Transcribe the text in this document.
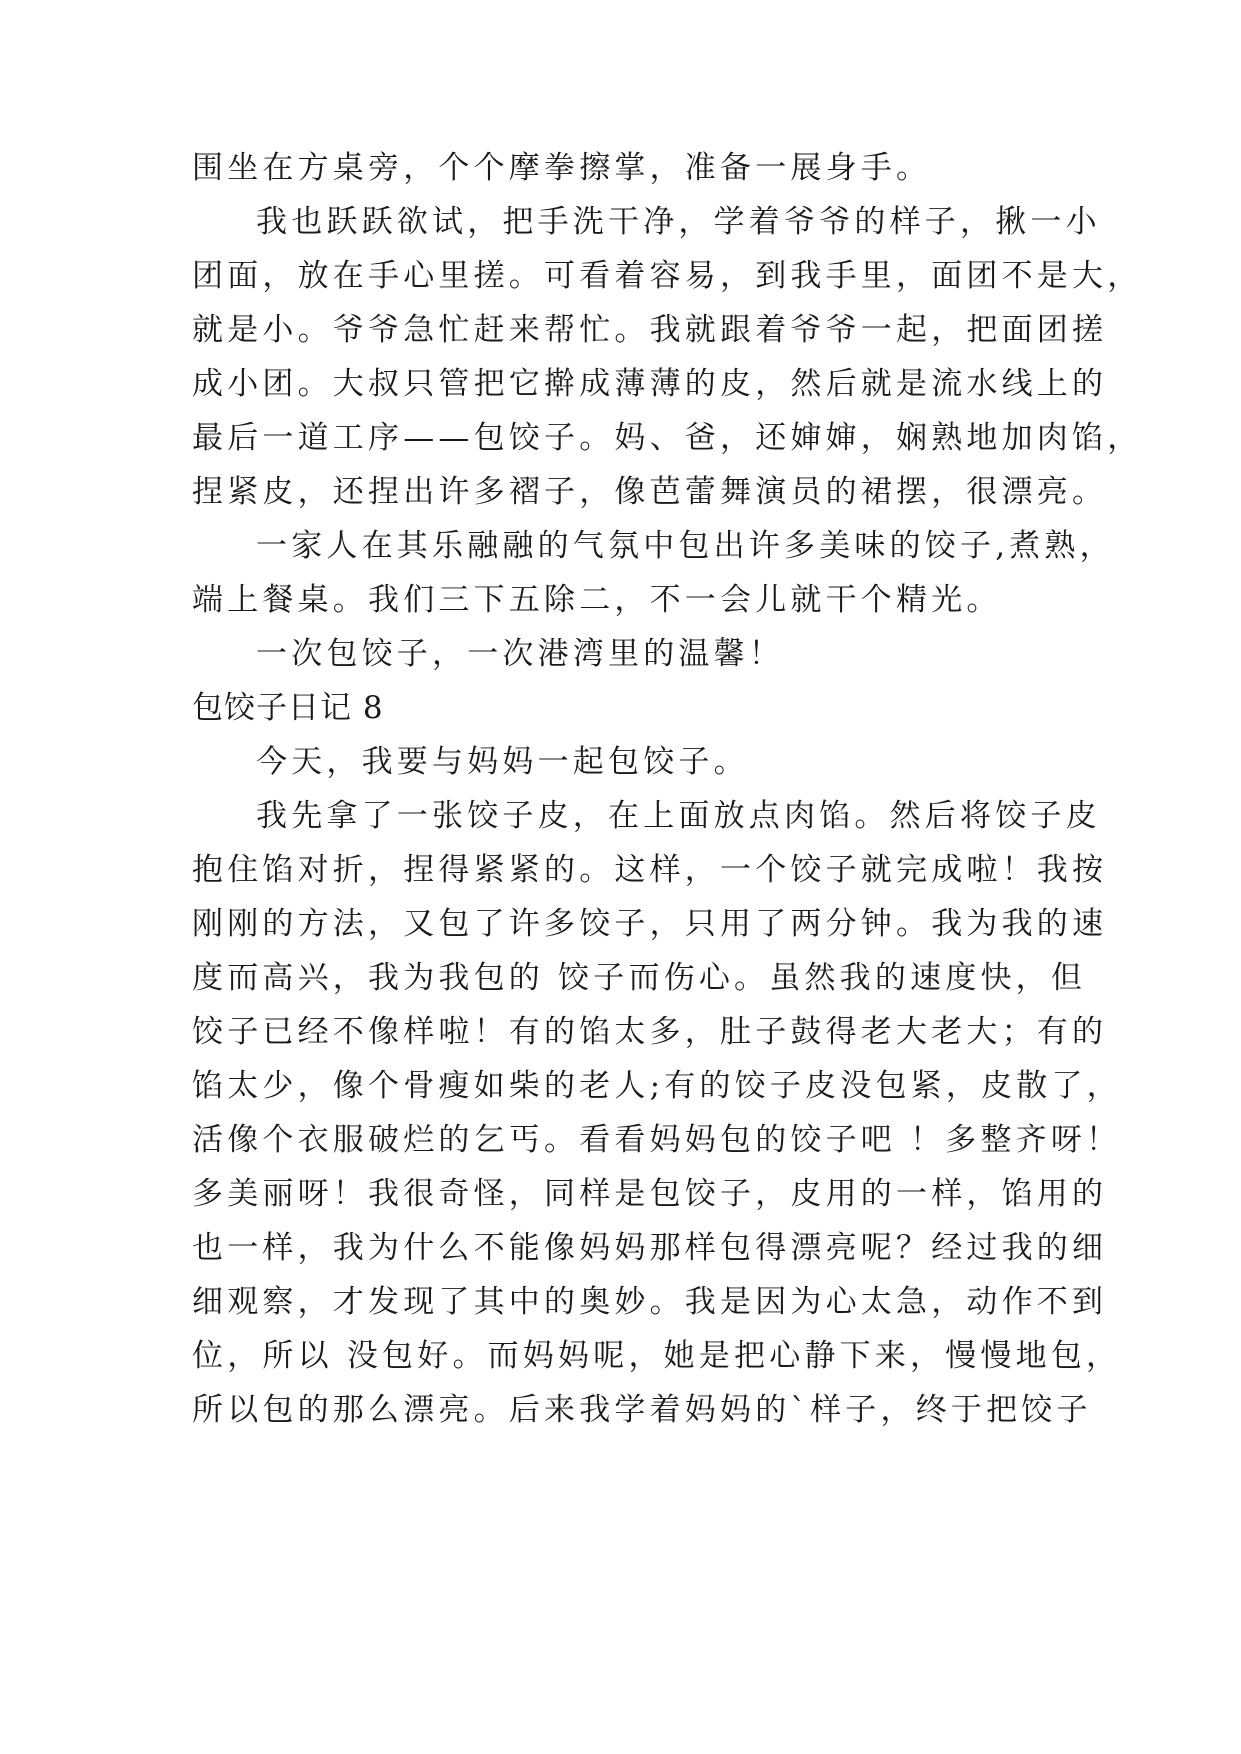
围坐在方桌旁，个个摩拳擦掌，准备一展身手。
我也跃跃欲试，把手洗干净，学着爷爷的样子，揪一小
团面，放在手心里搓。可看着容易，到我手里，面团不是大，
就是小。爷爷急忙赶来帮忙。我就跟着爷爷一起，把面团搓
成小团。大叔只管把它擀成薄薄的皮，然后就是流水线上的
最后一道工序——包饺子。妈、爸，还婶婶，娴熟地加肉馅，
捏紧皮，还捏出许多褶子，像芭蕾舞演员的裙摆，很漂亮。
一家人在其乐融融的气氛中包出许多美味的饺子,煮熟，
端上餐桌。我们三下五除二，不一会儿就干个精光。
一次包饺子，一次港湾里的温馨！
包饺子日记 8
今天，我要与妈妈一起包饺子。
我先拿了一张饺子皮，在上面放点肉馅。然后将饺子皮
抱住馅对折，捏得紧紧的。这样，一个饺子就完成啦！我按
刚刚的方法，又包了许多饺子，只用了两分钟。我为我的速
度而高兴，我为我包的 饺子而伤心。虽然我的速度快，但
饺子已经不像样啦！有的馅太多，肚子鼓得老大老大；有的
馅太少，像个骨瘦如柴的老人;有的饺子皮没包紧，皮散了，
活像个衣服破烂的乞丐。看看妈妈包的饺子吧 ！多整齐呀！
多美丽呀！我很奇怪，同样是包饺子，皮用的一样，馅用的
也一样，我为什么不能像妈妈那样包得漂亮呢？经过我的细
细观察，才发现了其中的奥妙。我是因为心太急，动作不到
位，所以 没包好。而妈妈呢，她是把心静下来，慢慢地包，
所以包的那么漂亮。后来我学着妈妈的`样子，终于把饺子
